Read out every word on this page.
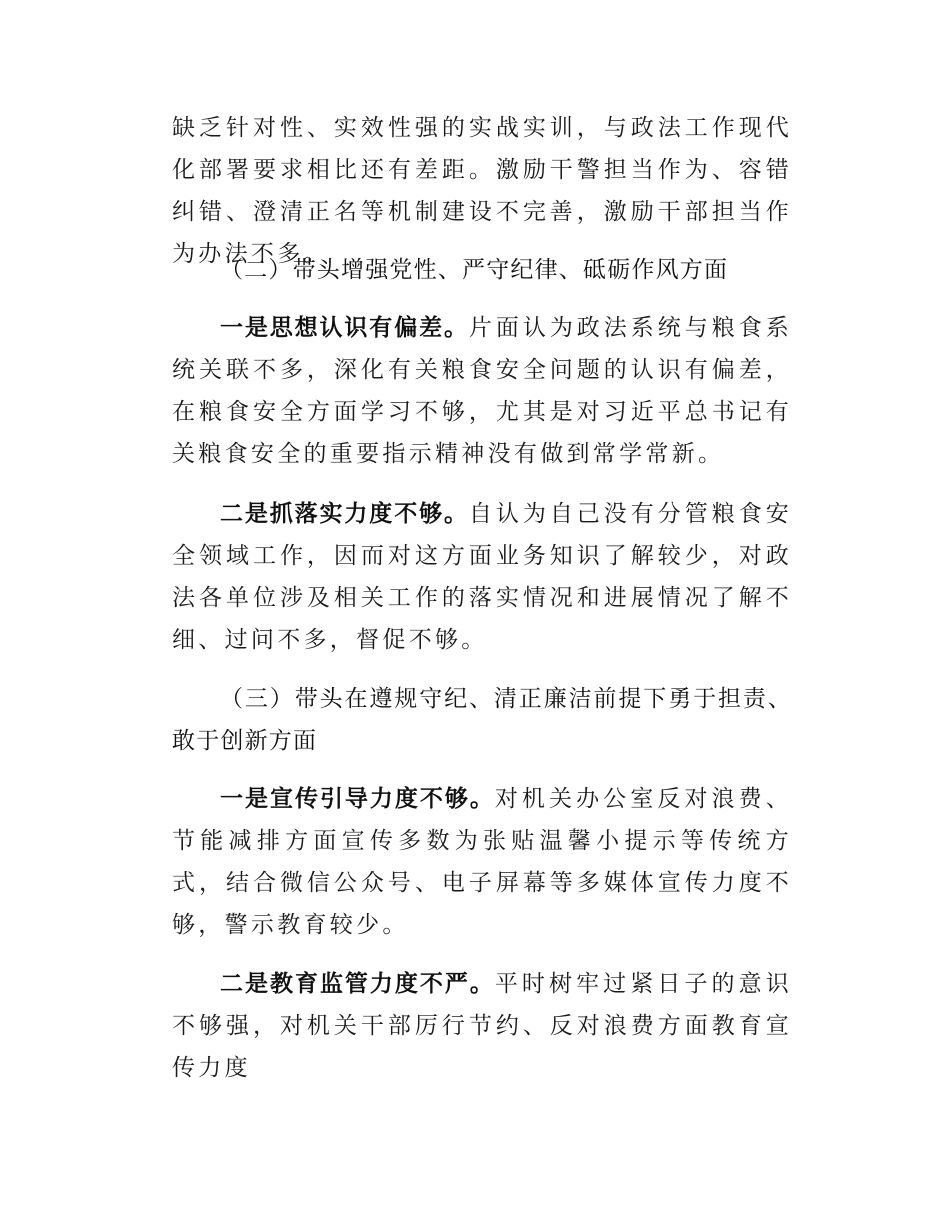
缺乏针对性、实效性强的实战实训，与政法工作现代化部署要求相比还有差距。激励干警担当作为、容错纠错、澄清正名等机制建设不完善，激励干部担当作为办法不多。

（二）带头增强党性、严守纪律、砥砺作风方面

一是思想认识有偏差。片面认为政法系统与粮食系统关联不多，深化有关粮食安全问题的认识有偏差，在粮食安全方面学习不够，尤其是对习近平总书记有关粮食安全的重要指示精神没有做到常学常新。

二是抓落实力度不够。自认为自己没有分管粮食安全领域工作，因而对这方面业务知识了解较少，对政法各单位涉及相关工作的落实情况和进展情况了解不细、过问不多，督促不够。

（三）带头在遵规守纪、清正廉洁前提下勇于担责、敢于创新方面

一是宣传引导力度不够。对机关办公室反对浪费、节能减排方面宣传多数为张贴温馨小提示等传统方式，结合微信公众号、电子屏幕等多媒体宣传力度不够，警示教育较少。

二是教育监管力度不严。平时树牢过紧日子的意识不够强，对机关干部厉行节约、反对浪费方面教育宣传力度
